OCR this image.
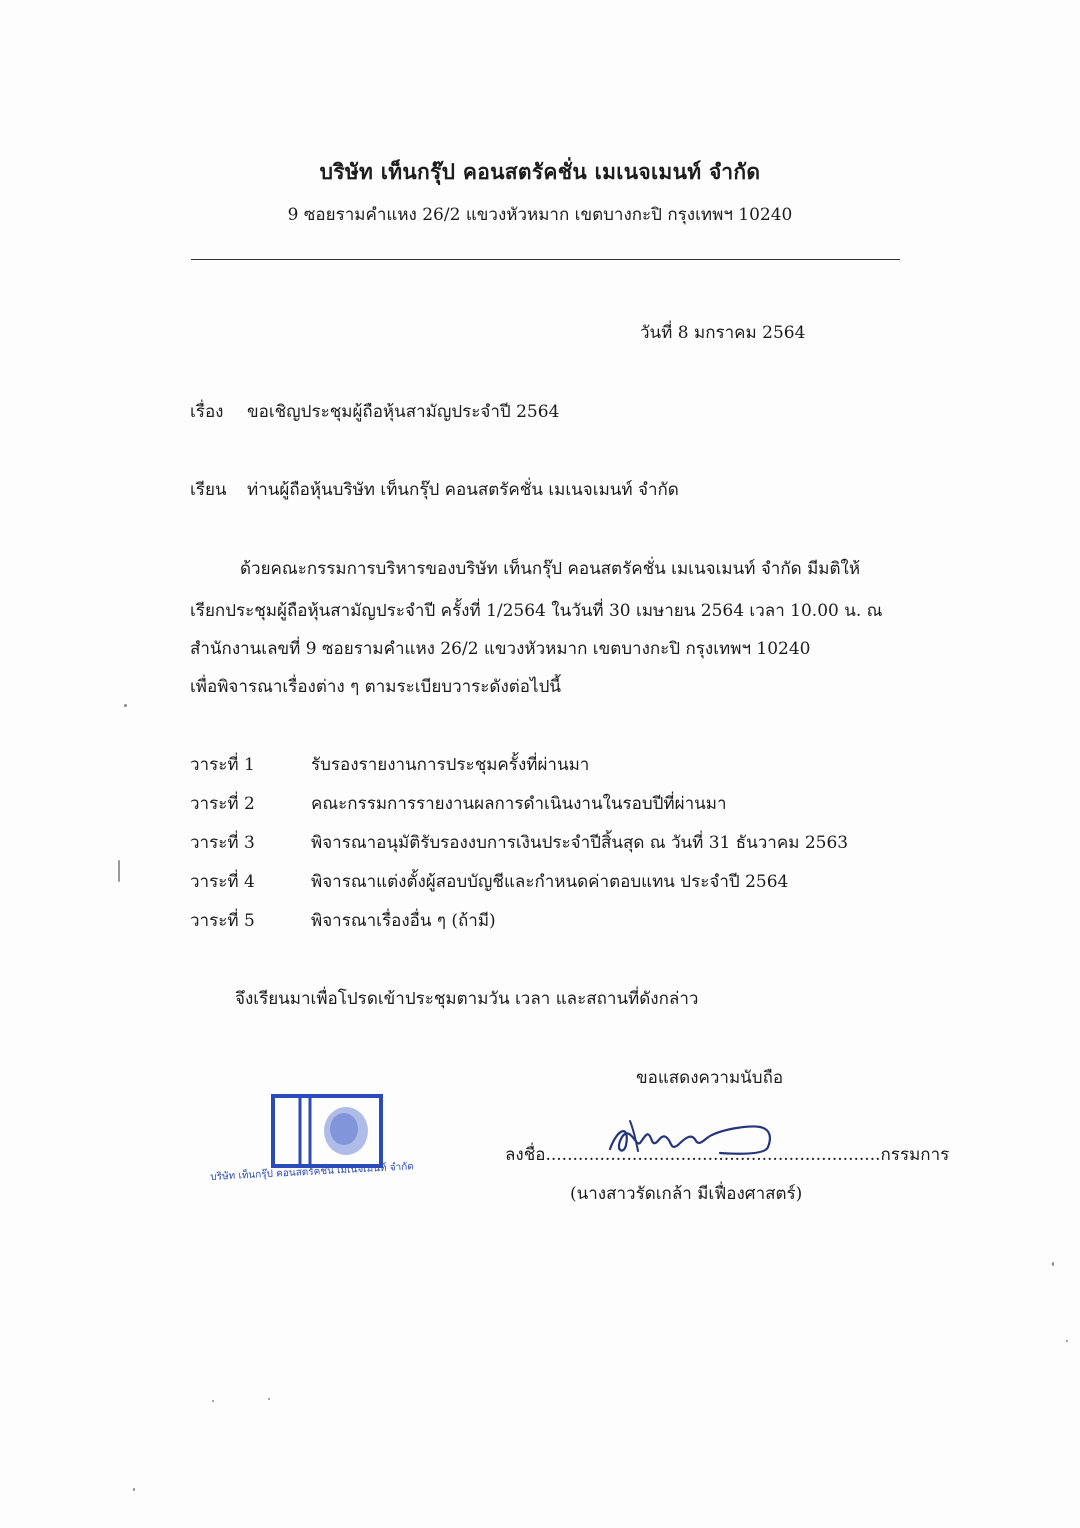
บริษัท เท็นกรุ๊ป คอนสตรัคชั่น เมเนจเมนท์ จำกัด
9 ซอยรามคำแหง 26/2 แขวงหัวหมาก เขตบางกะปิ กรุงเทพฯ 10240
วันที่ 8 มกราคม 2564
เรื่อง ขอเชิญประชุมผู้ถือหุ้นสามัญประจำปี 2564
เรียน ท่านผู้ถือหุ้นบริษัท เท็นกรุ๊ป คอนสตรัคชั่น เมเนจเมนท์ จำกัด
ด้วยคณะกรรมการบริหารของบริษัท เท็นกรุ๊ป คอนสตรัคชั่น เมเนจเมนท์ จำกัด มีมติให้
เรียกประชุมผู้ถือหุ้นสามัญประจำปี ครั้งที่ 1/2564 ในวันที่ 30 เมษายน 2564 เวลา 10.00 น. ณ
สำนักงานเลขที่ 9 ซอยรามคำแหง 26/2 แขวงหัวหมาก เขตบางกะปิ กรุงเทพฯ 10240
เพื่อพิจารณาเรื่องต่าง ๆ ตามระเบียบวาระดังต่อไปนี้
วาระที่ 1	รับรองรายงานการประชุมครั้งที่ผ่านมา
วาระที่ 2	คณะกรรมการรายงานผลการดำเนินงานในรอบปีที่ผ่านมา
วาระที่ 3	พิจารณาอนุมัติรับรองงบการเงินประจำปีสิ้นสุด ณ วันที่ 31 ธันวาคม 2563
วาระที่ 4	พิจารณาแต่งตั้งผู้สอบบัญชีและกำหนดค่าตอบแทน ประจำปี 2564
วาระที่ 5	พิจารณาเรื่องอื่น ๆ (ถ้ามี)
จึงเรียนมาเพื่อโปรดเข้าประชุมตามวัน เวลา และสถานที่ดังกล่าว
ขอแสดงความนับถือ
ลงชื่อ..............................................................กรรมการ
(นางสาวรัดเกล้า มีเฟื่องศาสตร์)
บริษัท เท็นกรุ๊ป คอนสตรัคชั่น เมเนจเมนท์ จำกัด
